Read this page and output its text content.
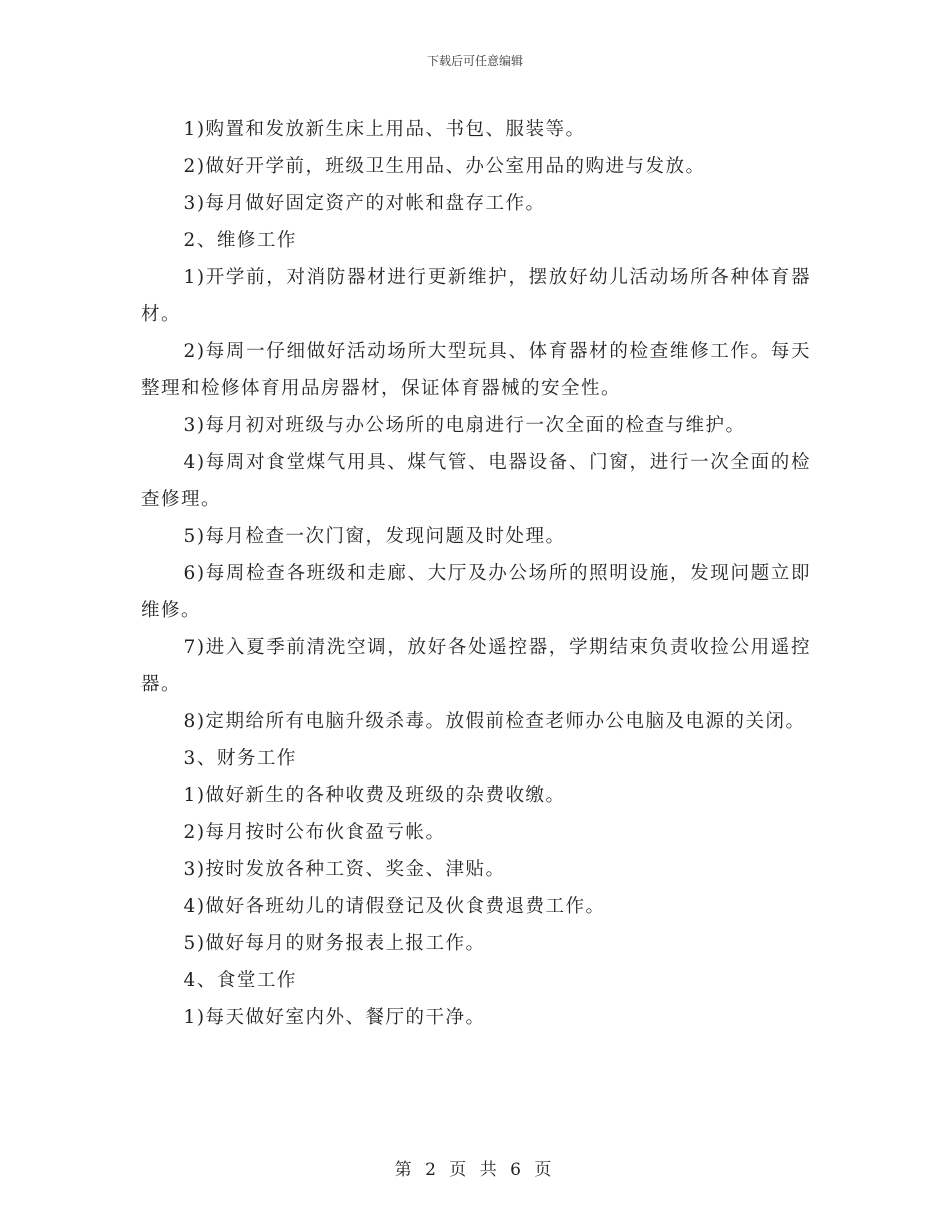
下载后可任意编辑

1)购置和发放新生床上用品、书包、服装等。

2)做好开学前，班级卫生用品、办公室用品的购进与发放。

3)每月做好固定资产的对帐和盘存工作。

2、维修工作

1)开学前，对消防器材进行更新维护，摆放好幼儿活动场所各种体育器材。

2)每周一仔细做好活动场所大型玩具、体育器材的检查维修工作。每天整理和检修体育用品房器材，保证体育器械的安全性。

3)每月初对班级与办公场所的电扇进行一次全面的检查与维护。

4)每周对食堂煤气用具、煤气管、电器设备、门窗，进行一次全面的检查修理。

5)每月检查一次门窗，发现问题及时处理。

6)每周检查各班级和走廊、大厅及办公场所的照明设施，发现问题立即维修。

7)进入夏季前清洗空调，放好各处遥控器，学期结束负责收捡公用遥控器。

8)定期给所有电脑升级杀毒。放假前检查老师办公电脑及电源的关闭。

3、财务工作

1)做好新生的各种收费及班级的杂费收缴。

2)每月按时公布伙食盈亏帐。

3)按时发放各种工资、奖金、津贴。

4)做好各班幼儿的请假登记及伙食费退费工作。

5)做好每月的财务报表上报工作。

4、食堂工作

1)每天做好室内外、餐厅的干净。

第 2 页 共 6 页
